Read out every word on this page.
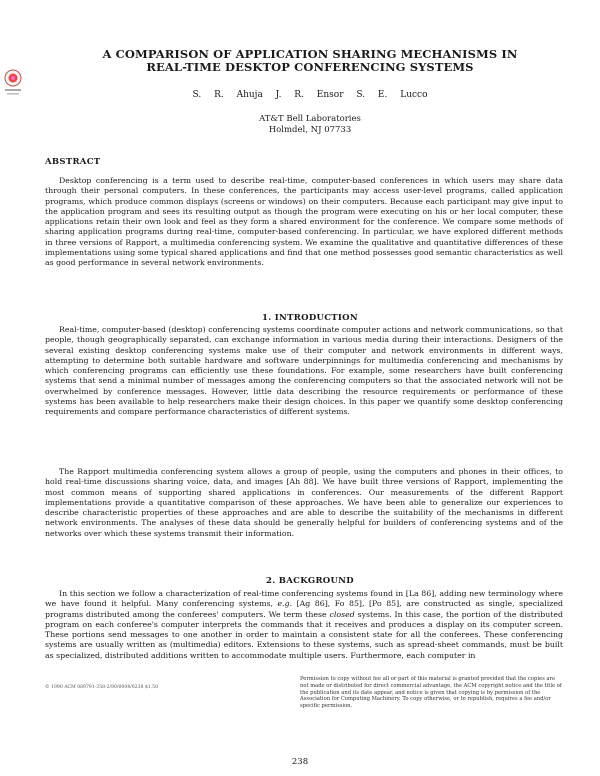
A COMPARISON OF APPLICATION SHARING MECHANISMS IN
REAL-TIME DESKTOP CONFERENCING SYSTEMS
S. R. Ahuja J. R. Ensor S. E. Lucco
AT&T Bell Laboratories
Holmdel, NJ 07733
ABSTRACT

Desktop conferencing is a term used to describe real-time, computer-based conferences in which users may share data through their personal computers. In these conferences, the participants may access user-level programs, called application programs, which produce common displays (screens or windows) on their computers. Because each participant may give input to the application program and sees its resulting output as though the program were executing on his or her local computer, these applications retain their own look and feel as they form a shared environment for the conference. We compare some methods of sharing application programs during real-time, computer-based conferencing. In particular, we have explored different methods in three versions of Rapport, a multimedia conferencing system. We examine the qualitative and quantitative differences of these implementations using some typical shared applications and find that one method possesses good semantic characteristics as well as good performance in several network environments.

1. INTRODUCTION

Real-time, computer-based (desktop) conferencing systems coordinate computer actions and network communications, so that people, though geographically separated, can exchange information in various media during their interactions. Designers of the several existing desktop conferencing systems make use of their computer and network environments in different ways, attempting to determine both suitable hardware and software underpinnings for multimedia conferencing and mechanisms by which conferencing programs can efficiently use these foundations. For example, some researchers have built conferencing systems that send a minimal number of messages among the conferencing computers so that the associated network will not be overwhelmed by conference messages. However, little data describing the resource requirements or performance of these systems has been available to help researchers make their design choices. In this paper we quantify some desktop conferencing requirements and compare performance characteristics of different systems.

The Rapport multimedia conferencing system allows a group of people, using the computers and phones in their offices, to hold real-time discussions sharing voice, data, and images [Ah 88]. We have built three versions of Rapport, implementing the most common means of supporting shared applications in conferences. Our measurements of the different Rapport implementations provide a quantitative comparison of these approaches. We have been able to generalize our experiences to describe characteristic properties of these approaches and are able to describe the suitability of the mechanisms in different network environments. The analyses of these data should be generally helpful for builders of conferencing systems and of the networks over which these systems transmit their information.

2. BACKGROUND

In this section we follow a characterization of real-time conferencing systems found in [La 86], adding new terminology where we have found it helpful. Many conferencing systems, e.g. [Ag 86], Fo 85], [Po 85], are constructed as single, specialized programs distributed among the conferees' computers. We term these closed systems. In this case, the portion of the distributed program on each conferee's computer interprets the commands that it receives and produces a display on its computer screen. These portions send messages to one another in order to maintain a consistent state for all the conferees. These conferencing systems are usually written as (multimedia) editors. Extensions to these systems, such as spread-sheet commands, must be built as specialized, distributed additions written to accommodate multiple users. Furthermore, each computer in

© 1990 ACM 089791-358-2/90/0004/0238 $1.50

Permission to copy without fee all or part of this material is granted provided that the copies are not made or distributed for direct commercial advantage, the ACM copyright notice and the title of the publication and its date appear, and notice is given that copying is by permission of the Association for Computing Machinery. To copy otherwise, or to republish, requires a fee and/or specific permission.

238
